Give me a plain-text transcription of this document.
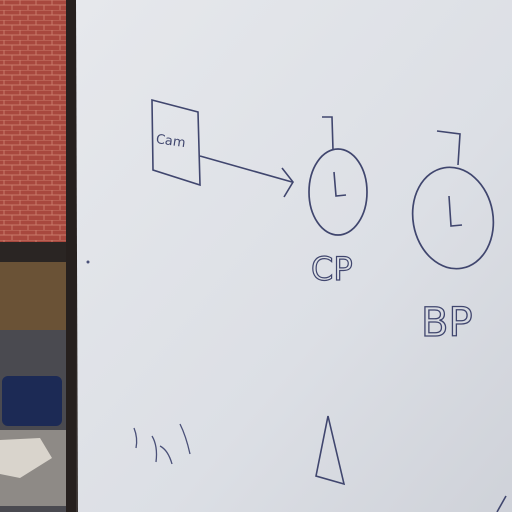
Cam
CP
BP
